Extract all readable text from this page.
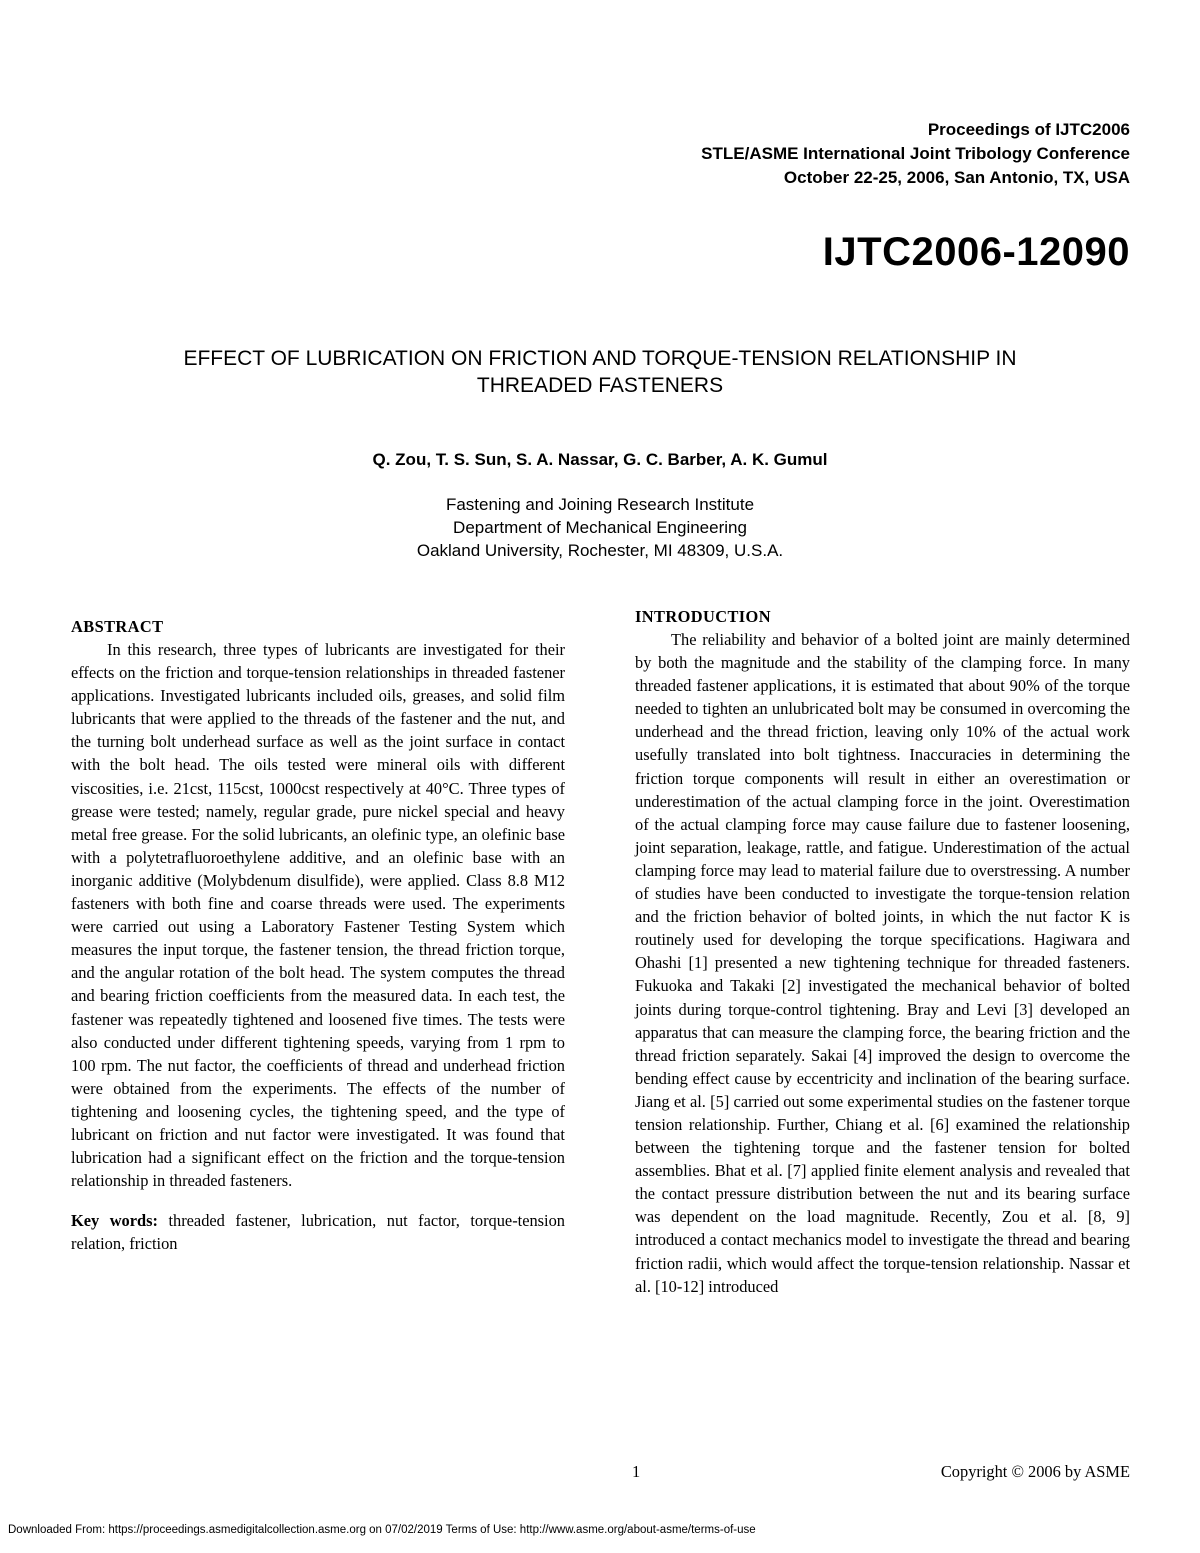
Proceedings of IJTC2006
STLE/ASME International Joint Tribology Conference
October 22-25, 2006, San Antonio, TX, USA
IJTC2006-12090
EFFECT OF LUBRICATION ON FRICTION AND TORQUE-TENSION RELATIONSHIP IN
THREADED FASTENERS
Q. Zou, T. S. Sun, S. A. Nassar, G. C. Barber, A. K. Gumul
Fastening and Joining Research Institute
Department of Mechanical Engineering
Oakland University, Rochester, MI 48309, U.S.A.
ABSTRACT

In this research, three types of lubricants are investigated for their effects on the friction and torque-tension relationships in threaded fastener applications. Investigated lubricants included oils, greases, and solid film lubricants that were applied to the threads of the fastener and the nut, and the turning bolt underhead surface as well as the joint surface in contact with the bolt head. The oils tested were mineral oils with different viscosities, i.e. 21cst, 115cst, 1000cst respectively at 40°C. Three types of grease were tested; namely, regular grade, pure nickel special and heavy metal free grease. For the solid lubricants, an olefinic type, an olefinic base with a polytetrafluoroethylene additive, and an olefinic base with an inorganic additive (Molybdenum disulfide), were applied. Class 8.8 M12 fasteners with both fine and coarse threads were used. The experiments were carried out using a Laboratory Fastener Testing System which measures the input torque, the fastener tension, the thread friction torque, and the angular rotation of the bolt head. The system computes the thread and bearing friction coefficients from the measured data. In each test, the fastener was repeatedly tightened and loosened five times. The tests were also conducted under different tightening speeds, varying from 1 rpm to 100 rpm. The nut factor, the coefficients of thread and underhead friction were obtained from the experiments. The effects of the number of tightening and loosening cycles, the tightening speed, and the type of lubricant on friction and nut factor were investigated. It was found that lubrication had a significant effect on the friction and the torque-tension relationship in threaded fasteners.

Key words: threaded fastener, lubrication, nut factor, torque-tension relation, friction

INTRODUCTION

The reliability and behavior of a bolted joint are mainly determined by both the magnitude and the stability of the clamping force. In many threaded fastener applications, it is estimated that about 90% of the torque needed to tighten an unlubricated bolt may be consumed in overcoming the underhead and the thread friction, leaving only 10% of the actual work usefully translated into bolt tightness. Inaccuracies in determining the friction torque components will result in either an overestimation or underestimation of the actual clamping force in the joint. Overestimation of the actual clamping force may cause failure due to fastener loosening, joint separation, leakage, rattle, and fatigue. Underestimation of the actual clamping force may lead to material failure due to overstressing. A number of studies have been conducted to investigate the torque-tension relation and the friction behavior of bolted joints, in which the nut factor K is routinely used for developing the torque specifications. Hagiwara and Ohashi [1] presented a new tightening technique for threaded fasteners. Fukuoka and Takaki [2] investigated the mechanical behavior of bolted joints during torque-control tightening. Bray and Levi [3] developed an apparatus that can measure the clamping force, the bearing friction and the thread friction separately. Sakai [4] improved the design to overcome the bending effect cause by eccentricity and inclination of the bearing surface. Jiang et al. [5] carried out some experimental studies on the fastener torque tension relationship. Further, Chiang et al. [6] examined the relationship between the tightening torque and the fastener tension for bolted assemblies. Bhat et al. [7] applied finite element analysis and revealed that the contact pressure distribution between the nut and its bearing surface was dependent on the load magnitude. Recently, Zou et al. [8, 9] introduced a contact mechanics model to investigate the thread and bearing friction radii, which would affect the torque-tension relationship. Nassar et al. [10-12] introduced

1	Copyright © 2006 by ASME
Downloaded From: https://proceedings.asmedigitalcollection.asme.org on 07/02/2019 Terms of Use: http://www.asme.org/about-asme/terms-of-use
